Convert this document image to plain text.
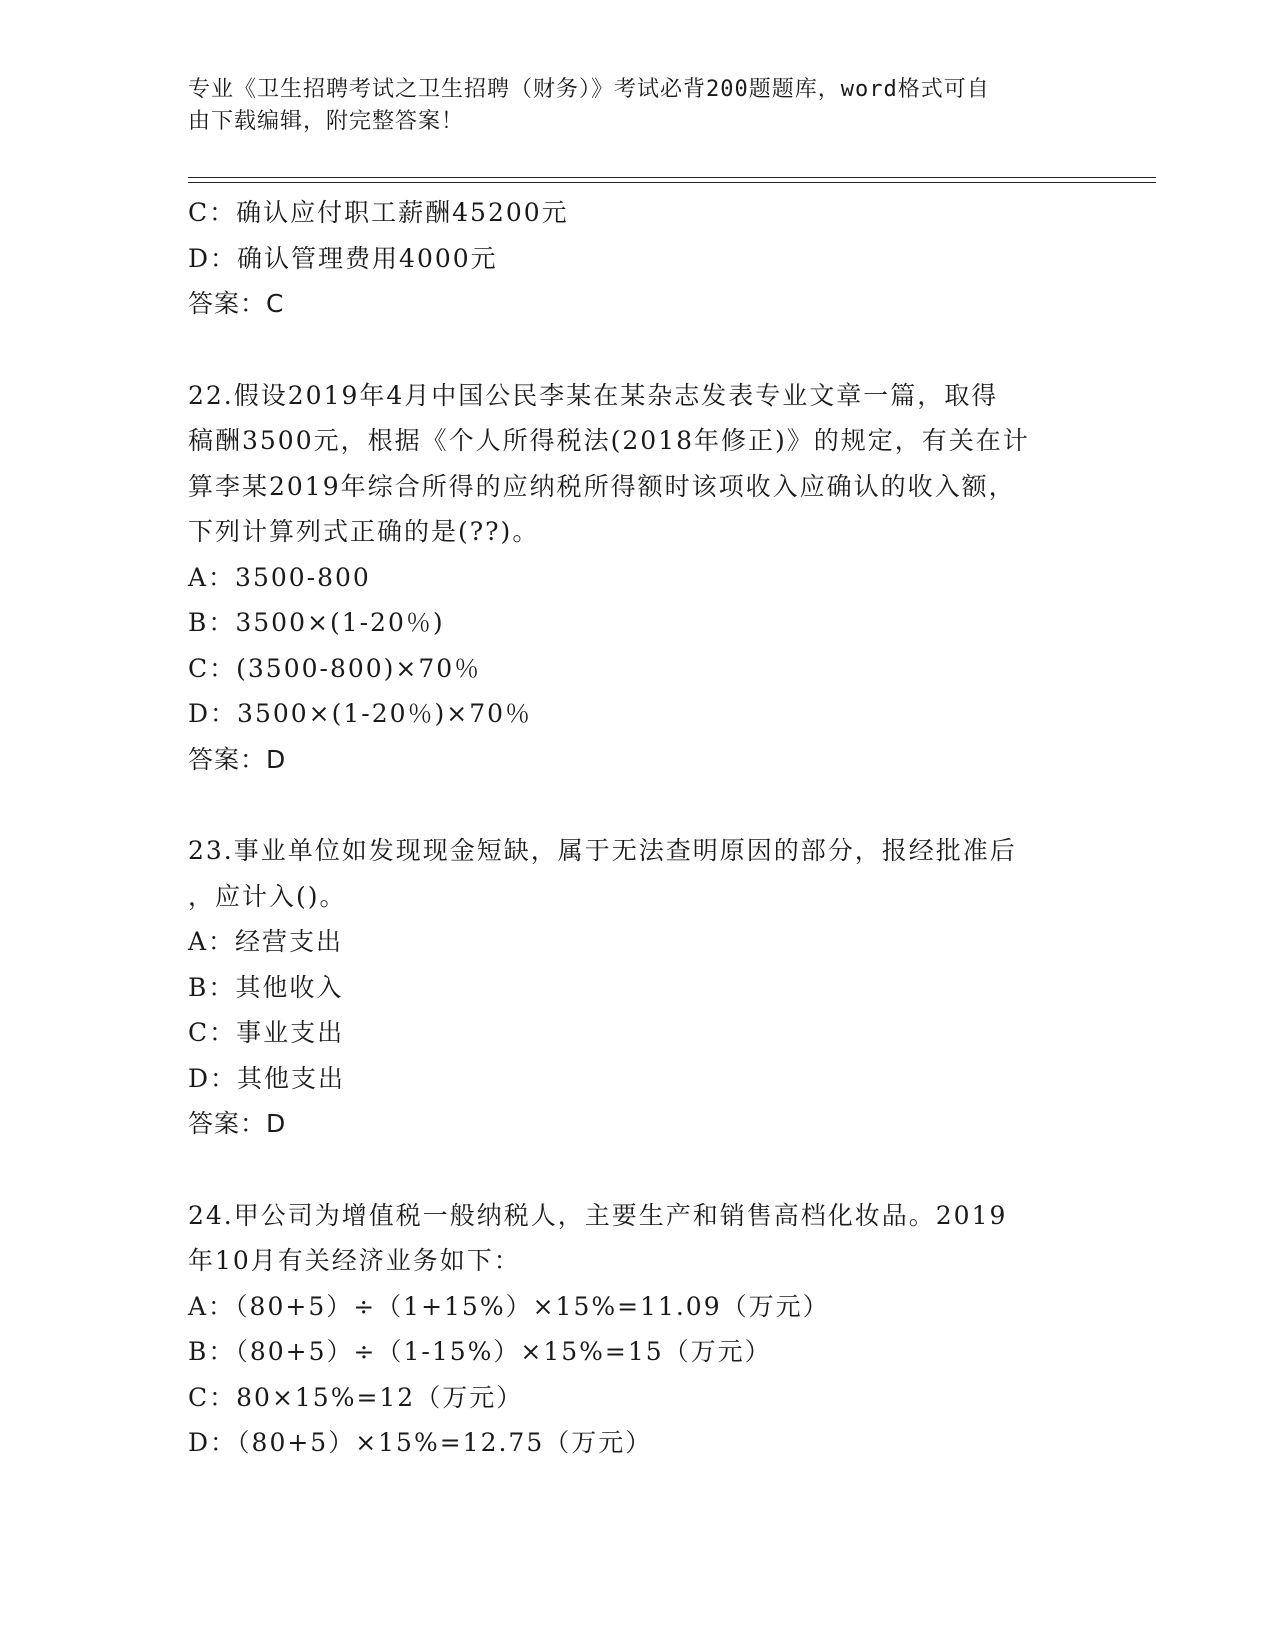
专业《卫生招聘考试之卫生招聘（财务）》考试必背200题题库，word格式可自
由下载编辑，附完整答案！
C：确认应付职工薪酬45200元
D：确认管理费用4000元
答案：C
22.假设2019年4月中国公民李某在某杂志发表专业文章一篇，取得
稿酬3500元，根据《个人所得税法(2018年修正)》的规定，有关在计
算李某2019年综合所得的应纳税所得额时该项收入应确认的收入额，
下列计算列式正确的是(??)。
A：3500-800
B：3500×(1-20％)
C：(3500-800)×70％
D：3500×(1-20％)×70％
答案：D
23.事业单位如发现现金短缺，属于无法查明原因的部分，报经批准后
，应计入()。
A：经营支出
B：其他收入
C：事业支出
D：其他支出
答案：D
24.甲公司为增值税一般纳税人，主要生产和销售高档化妆品。2019
年10月有关经济业务如下：
A：（80+5）÷（1+15%）×15%=11.09（万元）
B：（80+5）÷（1-15%）×15%=15（万元）
C：80×15%=12（万元）
D：（80+5）×15%=12.75（万元）
